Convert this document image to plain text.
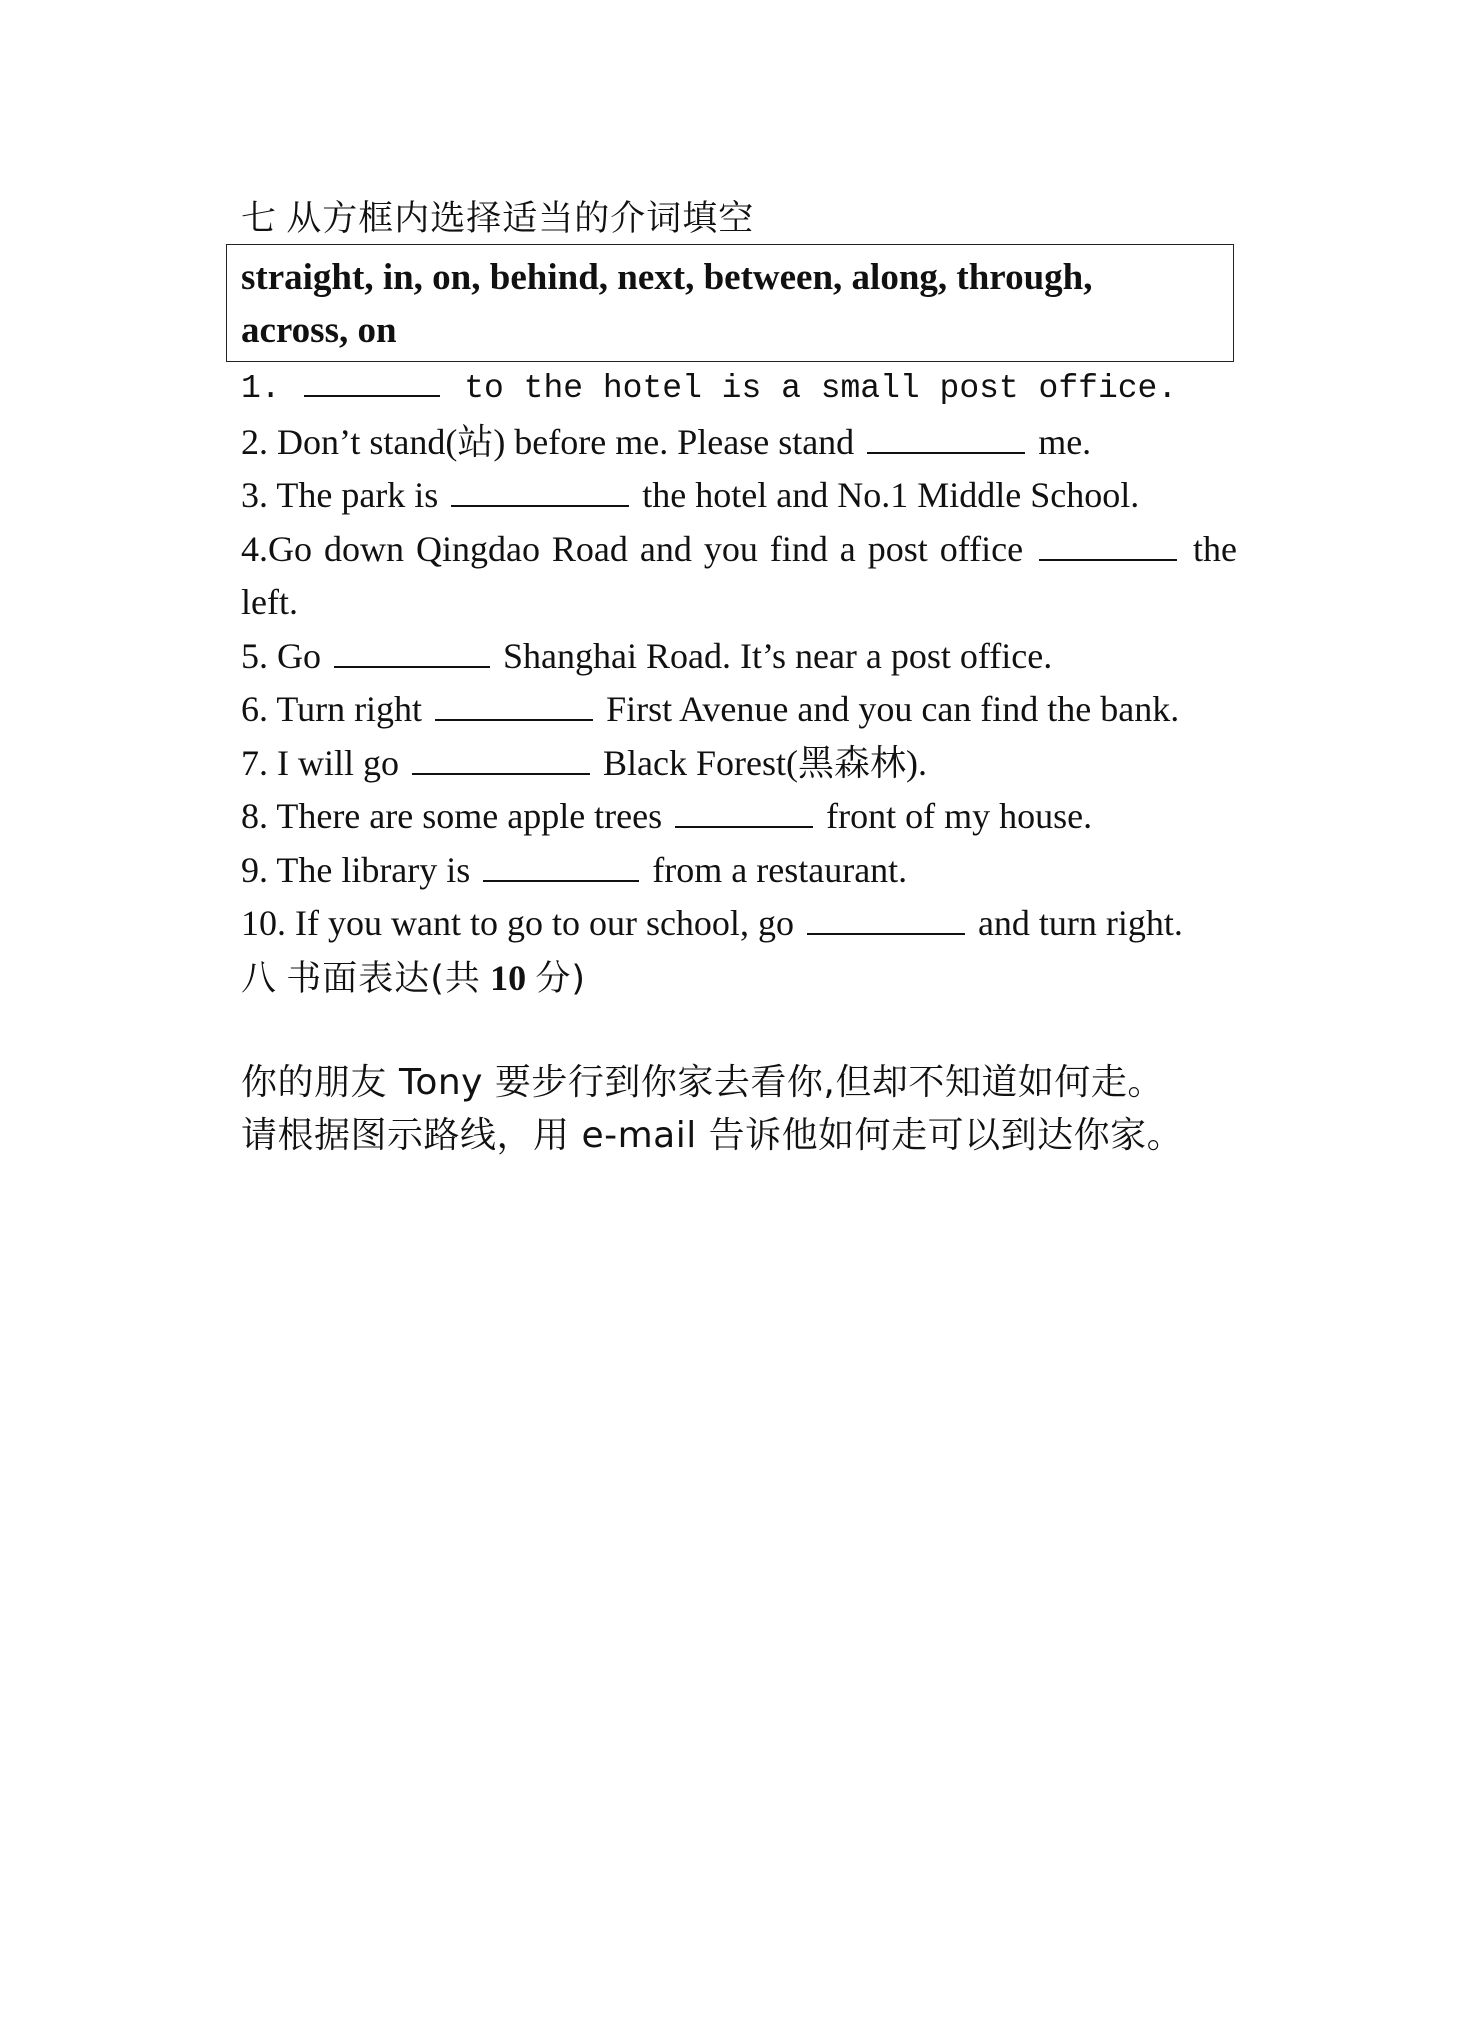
七 从方框内选择适当的介词填空
straight, in, on, behind, next, between, along, through,
across, on
1.	to the hotel is a small post office.
2. Don’t stand(站) before me. Please stand	me.
3. The park is	the hotel and No.1 Middle School.
4.Go down Qingdao Road and you find a post office	the left.
5. Go	Shanghai Road. It’s near a post office.
6. Turn right	First Avenue and you can find the bank.
7. I will go	Black Forest(黑森林).
8. There are some apple trees	front of my house.
9. The library is	from a restaurant.
10. If you want to go to our school, go	and turn right.
八 书面表达(共 10 分)
你的朋友 Tony 要步行到你家去看你,但却不知道如何走。
请根据图示路线，用 e-mail 告诉他如何走可以到达你家。
